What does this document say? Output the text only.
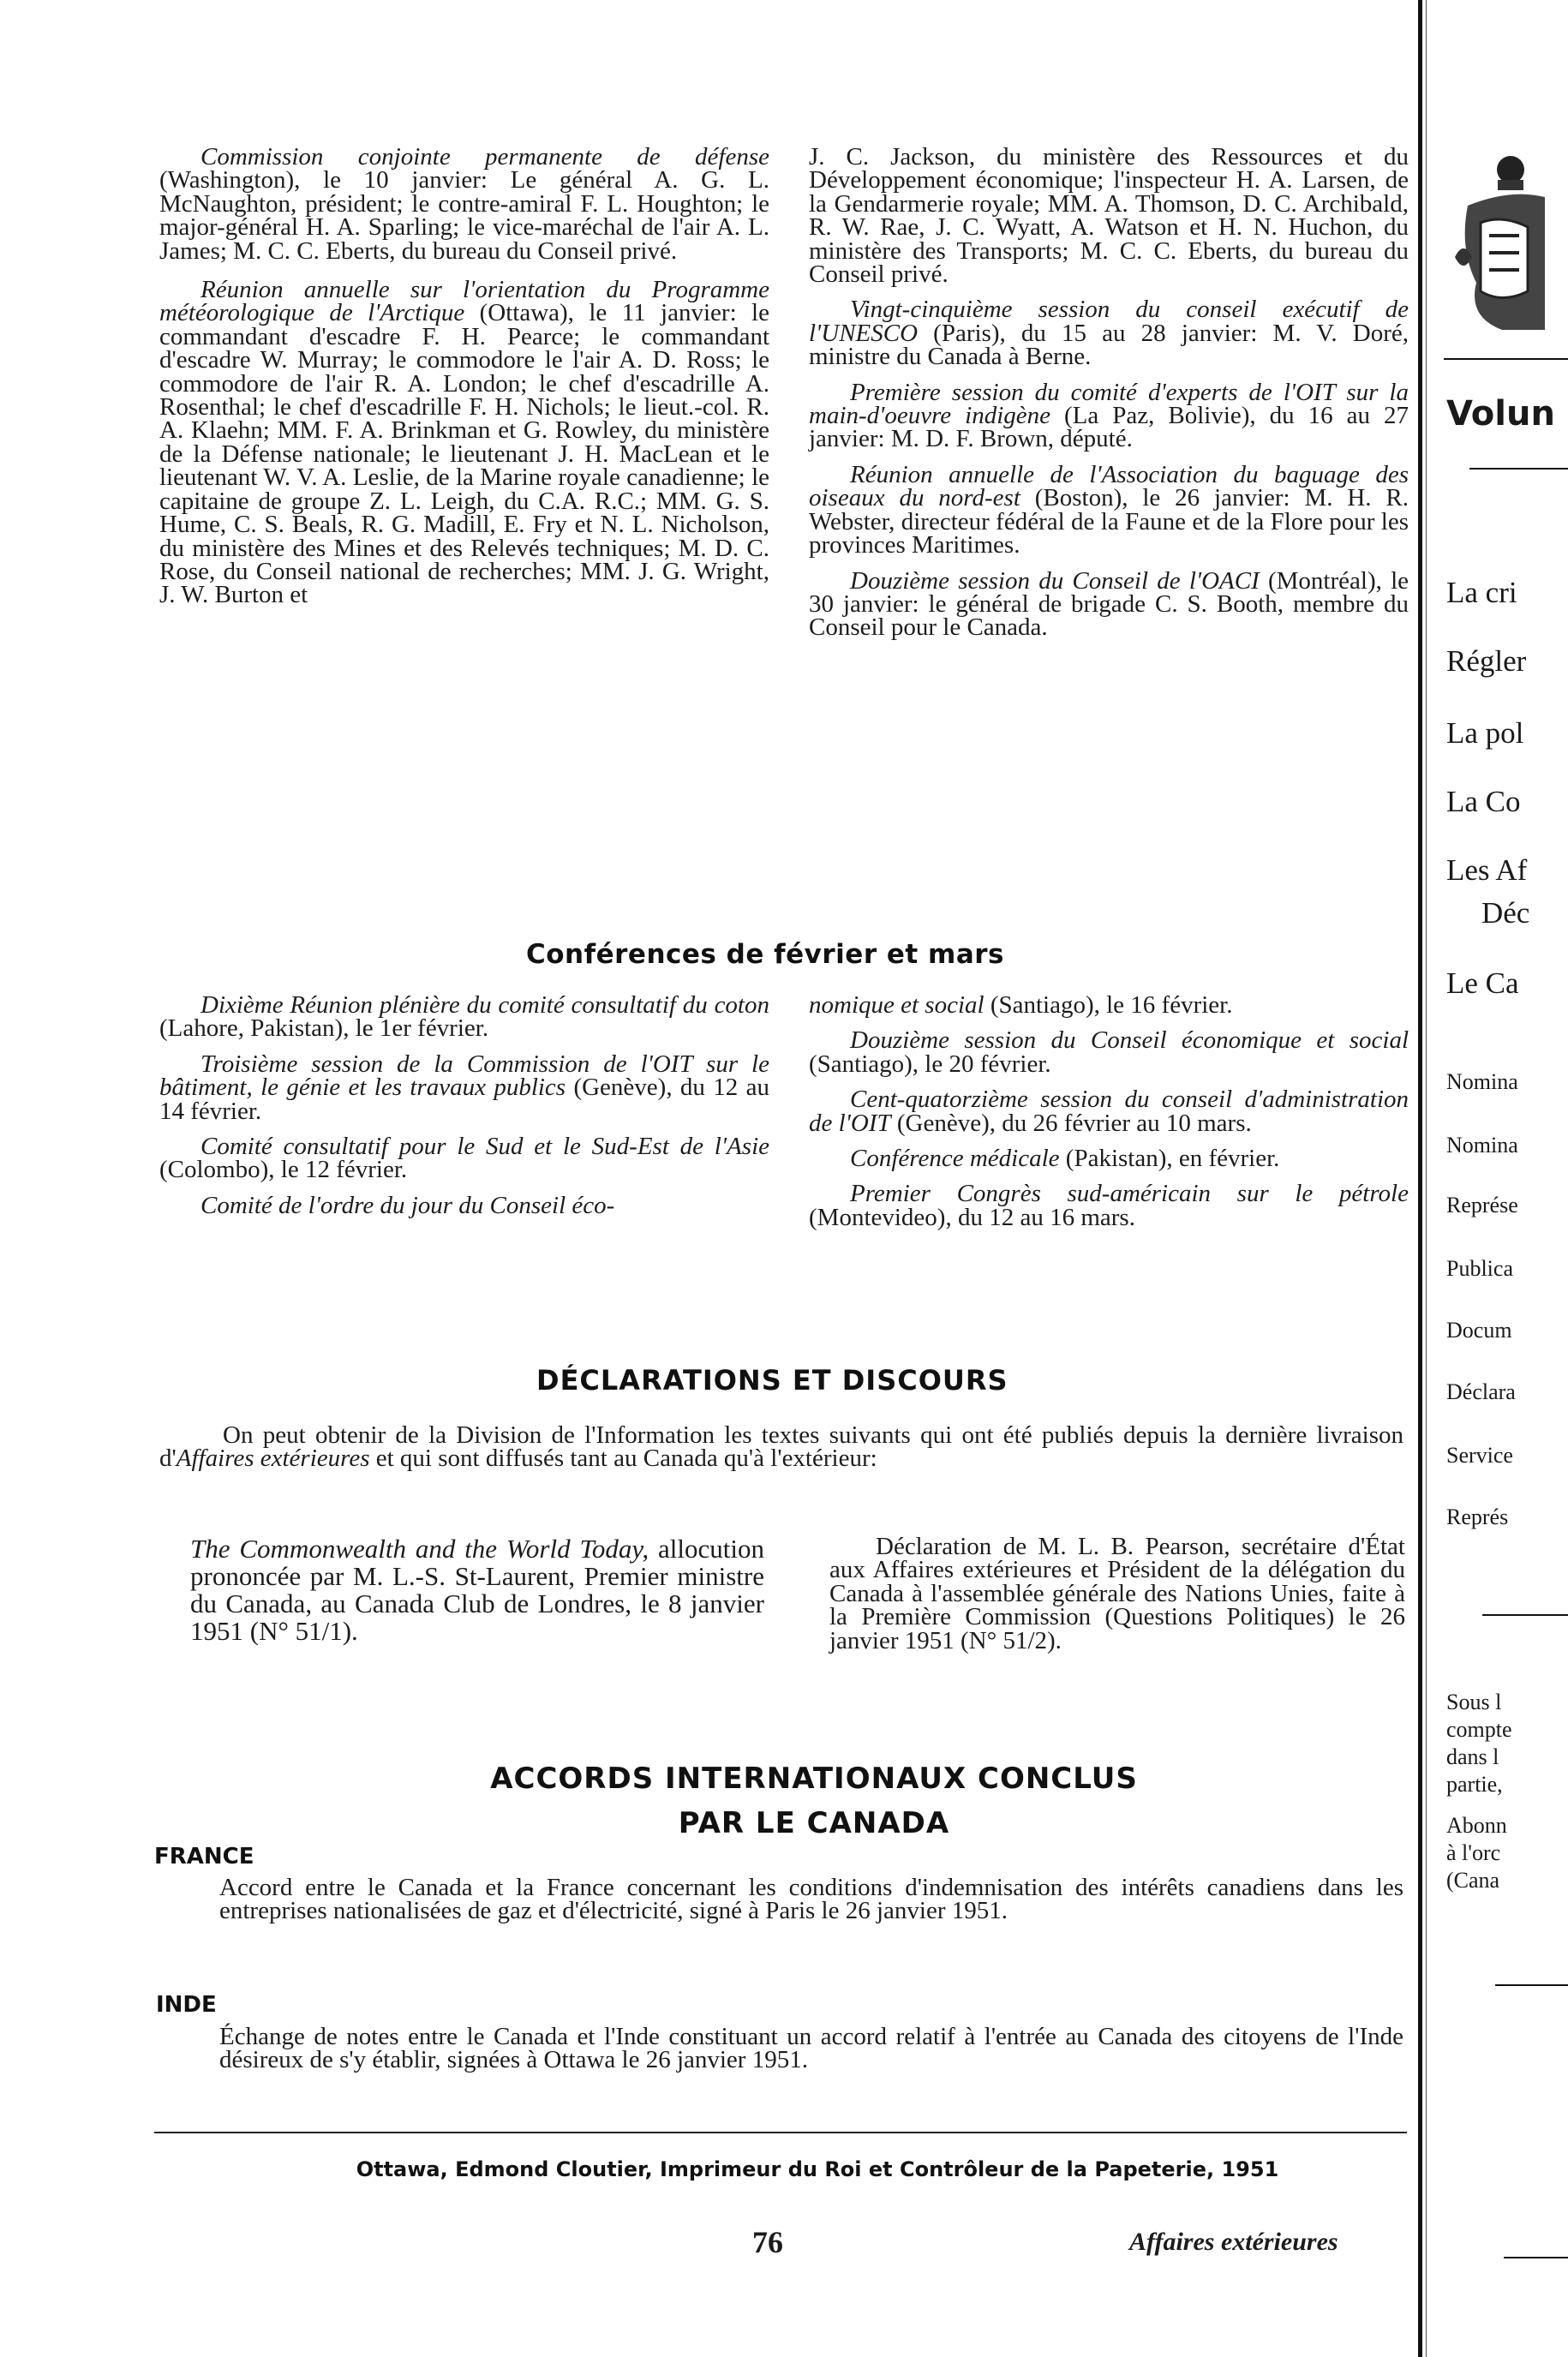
Commission conjointe permanente de défense (Washington), le 10 janvier: Le général A. G. L. McNaughton, président; le contre-amiral F. L. Houghton; le major-général H. A. Sparling; le vice-maréchal de l'air A. L. James; M. C. C. Eberts, du bureau du Conseil privé.

Réunion annuelle sur l'orientation du Programme météorologique de l'Arctique (Ottawa), le 11 janvier: le commandant d'escadre F. H. Pearce; le commandant d'escadre W. Murray; le commodore le l'air A. D. Ross; le commodore de l'air R. A. London; le chef d'escadrille A. Rosenthal; le chef d'escadrille F. H. Nichols; le lieut.-col. R. A. Klaehn; MM. F. A. Brinkman et G. Rowley, du ministère de la Défense nationale; le lieutenant J. H. MacLean et le lieutenant W. V. A. Leslie, de la Marine royale canadienne; le capitaine de groupe Z. L. Leigh, du C.A. R.C.; MM. G. S. Hume, C. S. Beals, R. G. Madill, E. Fry et N. L. Nicholson, du ministère des Mines et des Relevés techniques; M. D. C. Rose, du Conseil national de recherches; MM. J. G. Wright, J. W. Burton et

J. C. Jackson, du ministère des Ressources et du Développement économique; l'inspecteur H. A. Larsen, de la Gendarmerie royale; MM. A. Thomson, D. C. Archibald, R. W. Rae, J. C. Wyatt, A. Watson et H. N. Huchon, du ministère des Transports; M. C. C. Eberts, du bureau du Conseil privé.

Vingt-cinquième session du conseil exécutif de l'UNESCO (Paris), du 15 au 28 janvier: M. V. Doré, ministre du Canada à Berne.

Première session du comité d'experts de l'OIT sur la main-d'oeuvre indigène (La Paz, Bolivie), du 16 au 27 janvier: M. D. F. Brown, député.

Réunion annuelle de l'Association du baguage des oiseaux du nord-est (Boston), le 26 janvier: M. H. R. Webster, directeur fédéral de la Faune et de la Flore pour les provinces Maritimes.

Douzième session du Conseil de l'OACI (Montréal), le 30 janvier: le général de brigade C. S. Booth, membre du Conseil pour le Canada.

Conférences de février et mars

Dixième Réunion plénière du comité consultatif du coton (Lahore, Pakistan), le 1er février.

Troisième session de la Commission de l'OIT sur le bâtiment, le génie et les travaux publics (Genève), du 12 au 14 février.

Comité consultatif pour le Sud et le Sud-Est de l'Asie (Colombo), le 12 février.

Comité de l'ordre du jour du Conseil éco-

nomique et social (Santiago), le 16 février.

Douzième session du Conseil économique et social (Santiago), le 20 février.

Cent-quatorzième session du conseil d'administration de l'OIT (Genève), du 26 février au 10 mars.

Conférence médicale (Pakistan), en février.

Premier Congrès sud-américain sur le pétrole (Montevideo), du 12 au 16 mars.

DÉCLARATIONS ET DISCOURS
On peut obtenir de la Division de l'Information les textes suivants qui ont été publiés depuis la dernière livraison d'Affaires extérieures et qui sont diffusés tant au Canada qu'à l'extérieur:
The Commonwealth and the World Today, allocution prononcée par M. L.-S. St-Laurent, Premier ministre du Canada, au Canada Club de Londres, le 8 janvier 1951 (N° 51/1).
Déclaration de M. L. B. Pearson, secrétaire d'État aux Affaires extérieures et Président de la délégation du Canada à l'assemblée générale des Nations Unies, faite à la Première Commission (Questions Politiques) le 26 janvier 1951 (N° 51/2).
ACCORDS INTERNATIONAUX CONCLUS
PAR LE CANADA
FRANCE
Accord entre le Canada et la France concernant les conditions d'indemnisation des intérêts canadiens dans les entreprises nationalisées de gaz et d'électricité, signé à Paris le 26 janvier 1951.
INDE
Échange de notes entre le Canada et l'Inde constituant un accord relatif à l'entrée au Canada des citoyens de l'Inde désireux de s'y établir, signées à Ottawa le 26 janvier 1951.
Ottawa, Edmond Cloutier, Imprimeur du Roi et Contrôleur de la Papeterie, 1951
76	Affaires extérieures
Volun
La cri
Régler
La pol
La Co
Les Af
Déc
Le Ca
Nomina
Nomina
Représe
Publica
Docum
Déclara
Service
Représ
Sous l
compte
dans l
partie,
Abonn
à l'orc
(Cana
